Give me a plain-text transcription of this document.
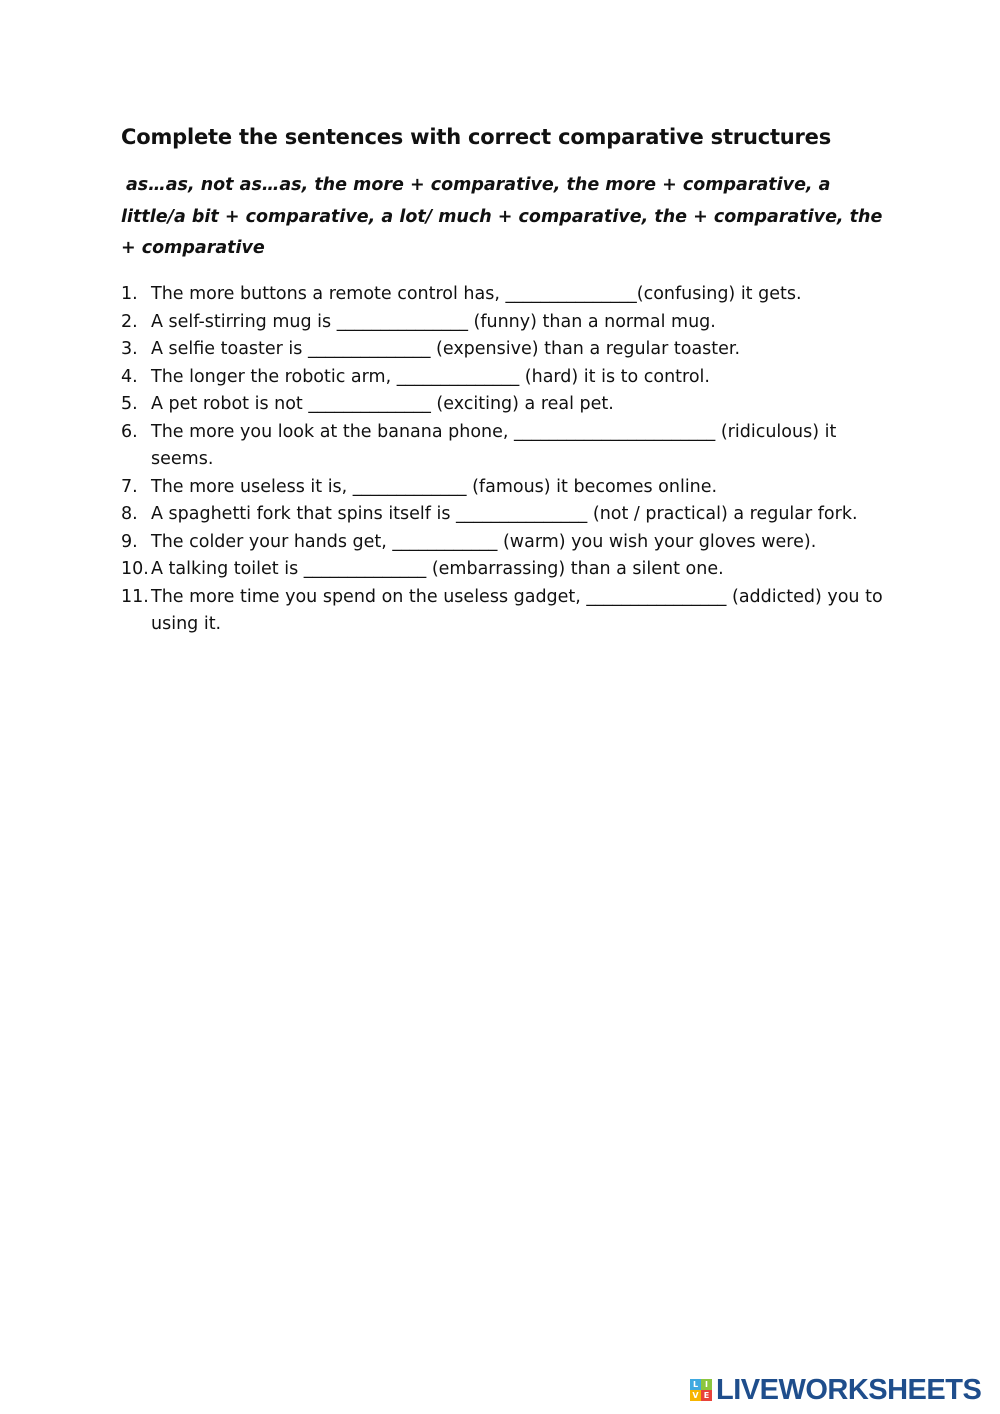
Complete the sentences with correct comparative structures

as…as, not as…as, the more + comparative, the more + comparative, a little/a bit + comparative, a lot/ much + comparative, the + comparative, the + comparative

1. The more buttons a remote control has, _______________(confusing) it gets.
2. A self-stirring mug is _______________ (funny) than a normal mug.
3. A selfie toaster is ______________ (expensive) than a regular toaster.
4. The longer the robotic arm, ______________ (hard) it is to control.
5. A pet robot is not ______________ (exciting) a real pet.
6. The more you look at the banana phone, _______________________ (ridiculous) it seems.
7. The more useless it is, _____________ (famous) it becomes online.
8. A spaghetti fork that spins itself is _______________ (not / practical) a regular fork.
9. The colder your hands get, ____________ (warm) you wish your gloves were).
10. A talking toilet is ______________ (embarrassing) than a silent one.
11. The more time you spend on the useless gadget, ________________ (addicted) you to using it.
L I
V E LIVEWORKSHEETS
